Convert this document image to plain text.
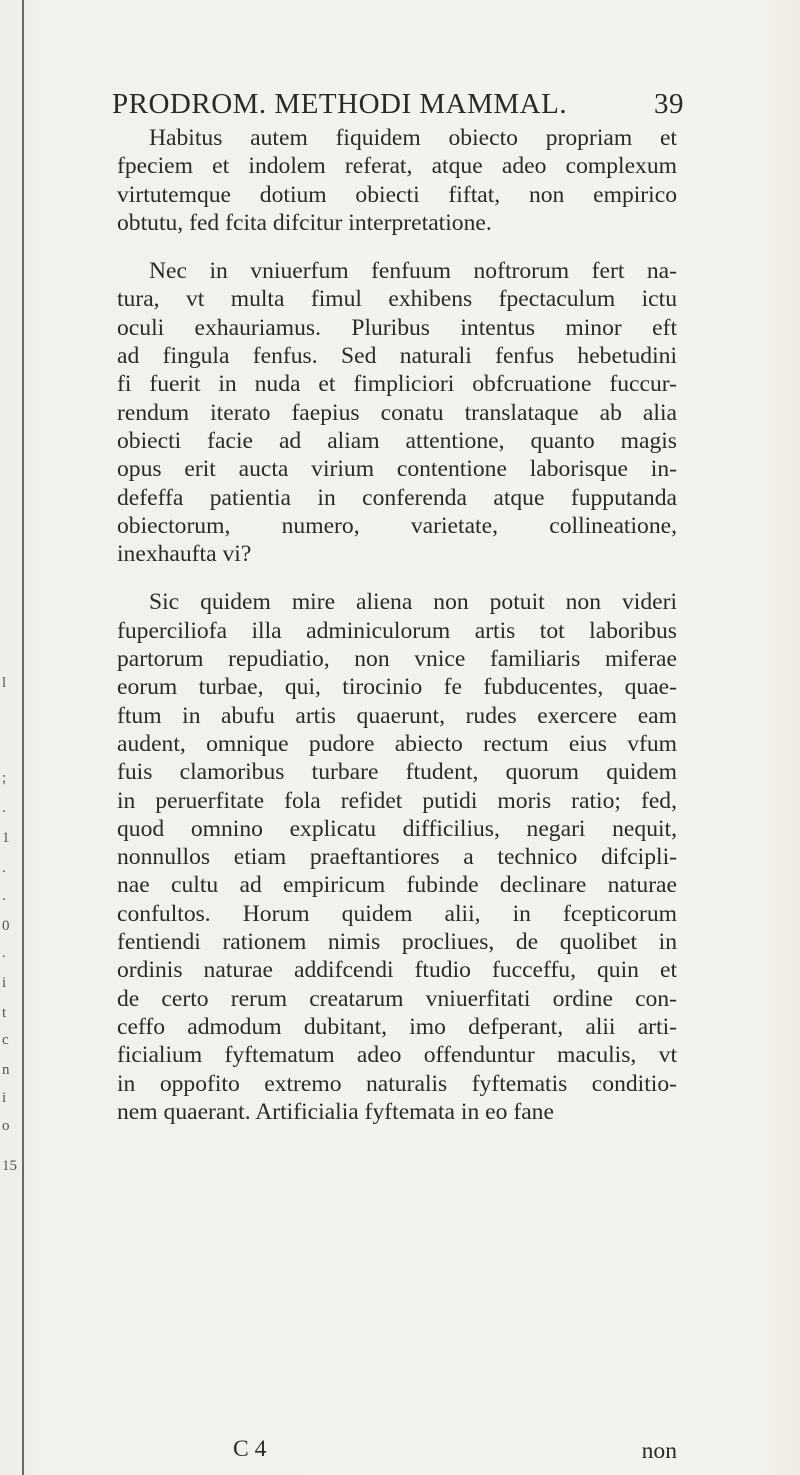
l
;
.
1
.
.
0
.
i
t
c
n
i
o
15
PRODROM. METHODI MAMMAL.	39

Habitus autem fiquidem obiecto propriam et

fpeciem et indolem referat, atque adeo complexum

virtutemque dotium obiecti fiftat, non empirico

obtutu, fed fcita difcitur interpretatione.

Nec in vniuerfum fenfuum noftrorum fert na-

tura, vt multa fimul exhibens fpectaculum ictu

oculi exhauriamus. Pluribus intentus minor eft

ad fingula fenfus. Sed naturali fenfus hebetudini

fi fuerit in nuda et fimpliciori obfcruatione fuccur-

rendum iterato faepius conatu translataque ab alia

obiecti facie ad aliam attentione, quanto magis

opus erit aucta virium contentione laborisque in-

defeffa patientia in conferenda atque fupputanda

obiectorum, numero, varietate, collineatione,

inexhaufta vi?

Sic quidem mire aliena non potuit non videri

fuperciliofa illa adminiculorum artis tot laboribus

partorum repudiatio, non vnice familiaris miferae

eorum turbae, qui, tirocinio fe fubducentes, quae-

ftum in abufu artis quaerunt, rudes exercere eam

audent, omnique pudore abiecto rectum eius vfum

fuis clamoribus turbare ftudent, quorum quidem

in peruerfitate fola refidet putidi moris ratio; fed,

quod omnino explicatu difficilius, negari nequit,

nonnullos etiam praeftantiores a technico difcipli-

nae cultu ad empiricum fubinde declinare naturae

confultos. Horum quidem alii, in fcepticorum

fentiendi rationem nimis procliues, de quolibet in

ordinis naturae addifcendi ftudio fucceffu, quin et

de certo rerum creatarum vniuerfitati ordine con-

ceffo admodum dubitant, imo defperant, alii arti-

ficialium fyftematum adeo offenduntur maculis, vt

in oppofito extremo naturalis fyftematis conditio-

nem quaerant. Artificialia fyftemata in eo fane

C 4	non
